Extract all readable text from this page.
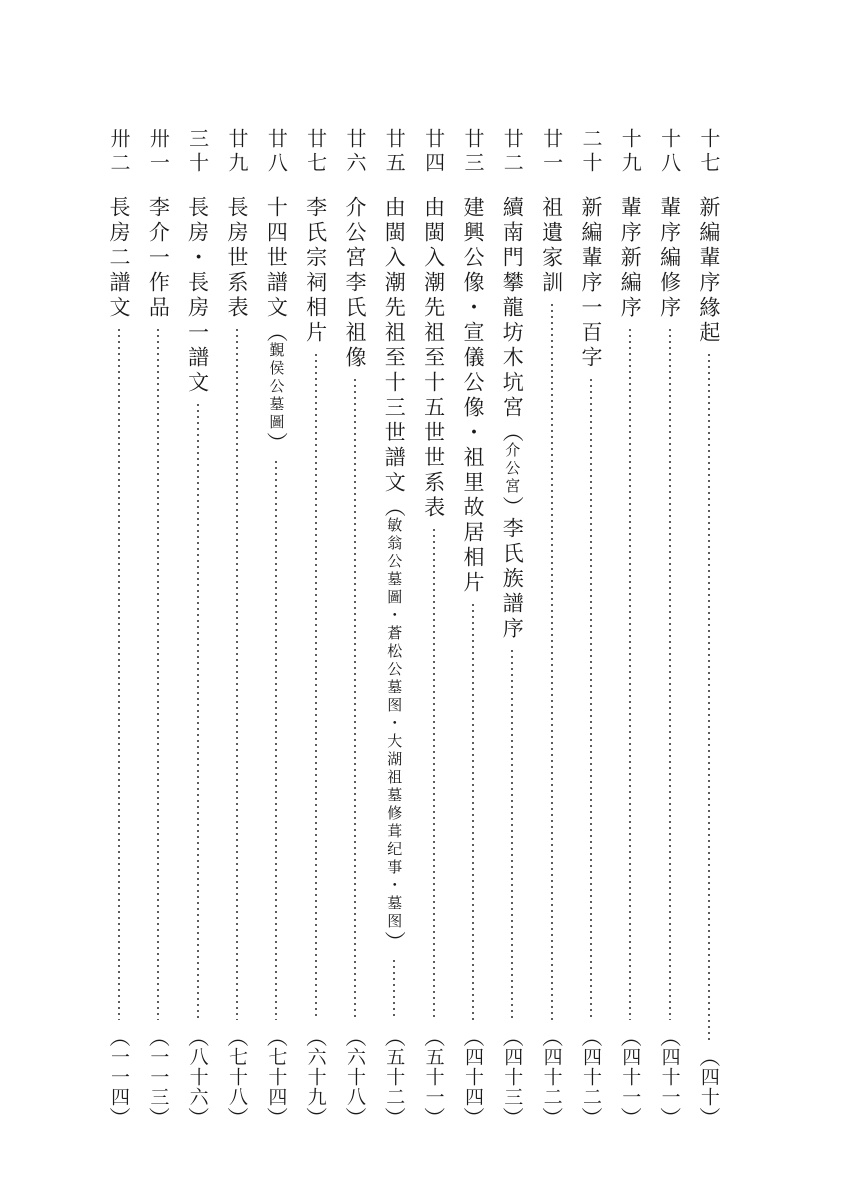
十七
新編輩序緣起
︵四十︶
十八
輩序編修序
︵四十一︶
十九
輩序新編序
︵四十一︶
二十
新編輩序一百字
︵四十二︶
廿一
祖遺家訓
︵四十二︶
廿二
續南門攀龍坊木坑宮︵介公宮︶李氏族譜序
︵四十三︶
廿三
建興公像・宣儀公像・祖里故居相片
︵四十四︶
廿四
由閩入潮先祖至十五世世系表
︵五十一︶
廿五
由閩入潮先祖至十三世譜文︵敏翁公墓圖・蒼松公墓图・大湖祖墓修葺纪事・墓图︶
︵五十二︶
廿六
介公宮李氏祖像
︵六十八︶
廿七
李氏宗祠相片
︵六十九︶
廿八
十四世譜文︵覲侯公墓圖︶
︵七十四︶
廿九
長房世系表
︵七十八︶
三十
長房・長房一譜文
︵八十六︶
卅一
李介一作品
︵一一三︶
卅二
長房二譜文
︵一一四︶
